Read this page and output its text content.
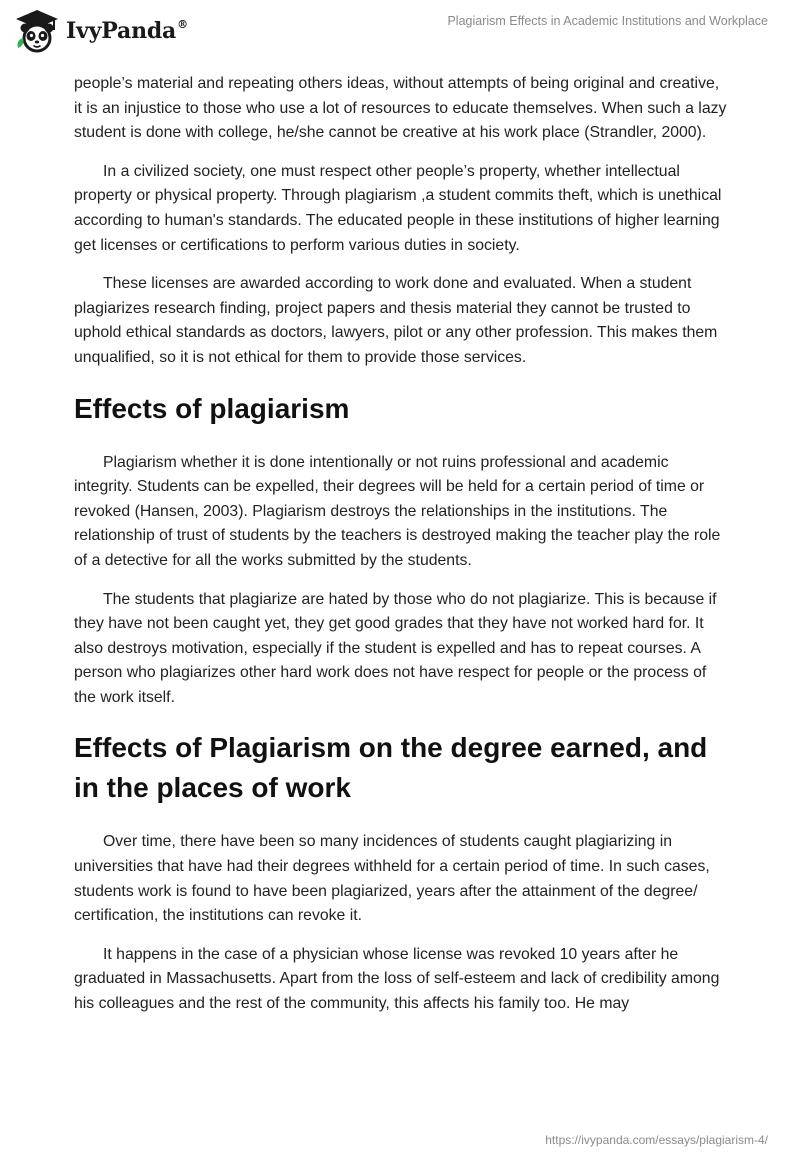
IvyPanda®	Plagiarism Effects in Academic Institutions and Workplace

people’s material and repeating others ideas, without attempts of being original and creative, it is an injustice to those who use a lot of resources to educate themselves. When such a lazy student is done with college, he/she cannot be creative at his work place (Strandler, 2000).

In a civilized society, one must respect other people’s property, whether intellectual property or physical property. Through plagiarism ,a student commits theft, which is unethical according to human's standards. The educated people in these institutions of higher learning get licenses or certifications to perform various duties in society.

These licenses are awarded according to work done and evaluated. When a student plagiarizes research finding, project papers and thesis material they cannot be trusted to uphold ethical standards as doctors, lawyers, pilot or any other profession. This makes them unqualified, so it is not ethical for them to provide those services.

Effects of plagiarism

Plagiarism whether it is done intentionally or not ruins professional and academic integrity. Students can be expelled, their degrees will be held for a certain period of time or revoked (Hansen, 2003). Plagiarism destroys the relationships in the institutions. The relationship of trust of students by the teachers is destroyed making the teacher play the role of a detective for all the works submitted by the students.

The students that plagiarize are hated by those who do not plagiarize. This is because if they have not been caught yet, they get good grades that they have not worked hard for. It also destroys motivation, especially if the student is expelled and has to repeat courses. A person who plagiarizes other hard work does not have respect for people or the process of the work itself.

Effects of Plagiarism on the degree earned, and in the places of work

Over time, there have been so many incidences of students caught plagiarizing in universities that have had their degrees withheld for a certain period of time. In such cases, students work is found to have been plagiarized, years after the attainment of the degree/ certification, the institutions can revoke it.

It happens in the case of a physician whose license was revoked 10 years after he graduated in Massachusetts. Apart from the loss of self-esteem and lack of credibility among his colleagues and the rest of the community, this affects his family too. He may

https://ivypanda.com/essays/plagiarism-4/
